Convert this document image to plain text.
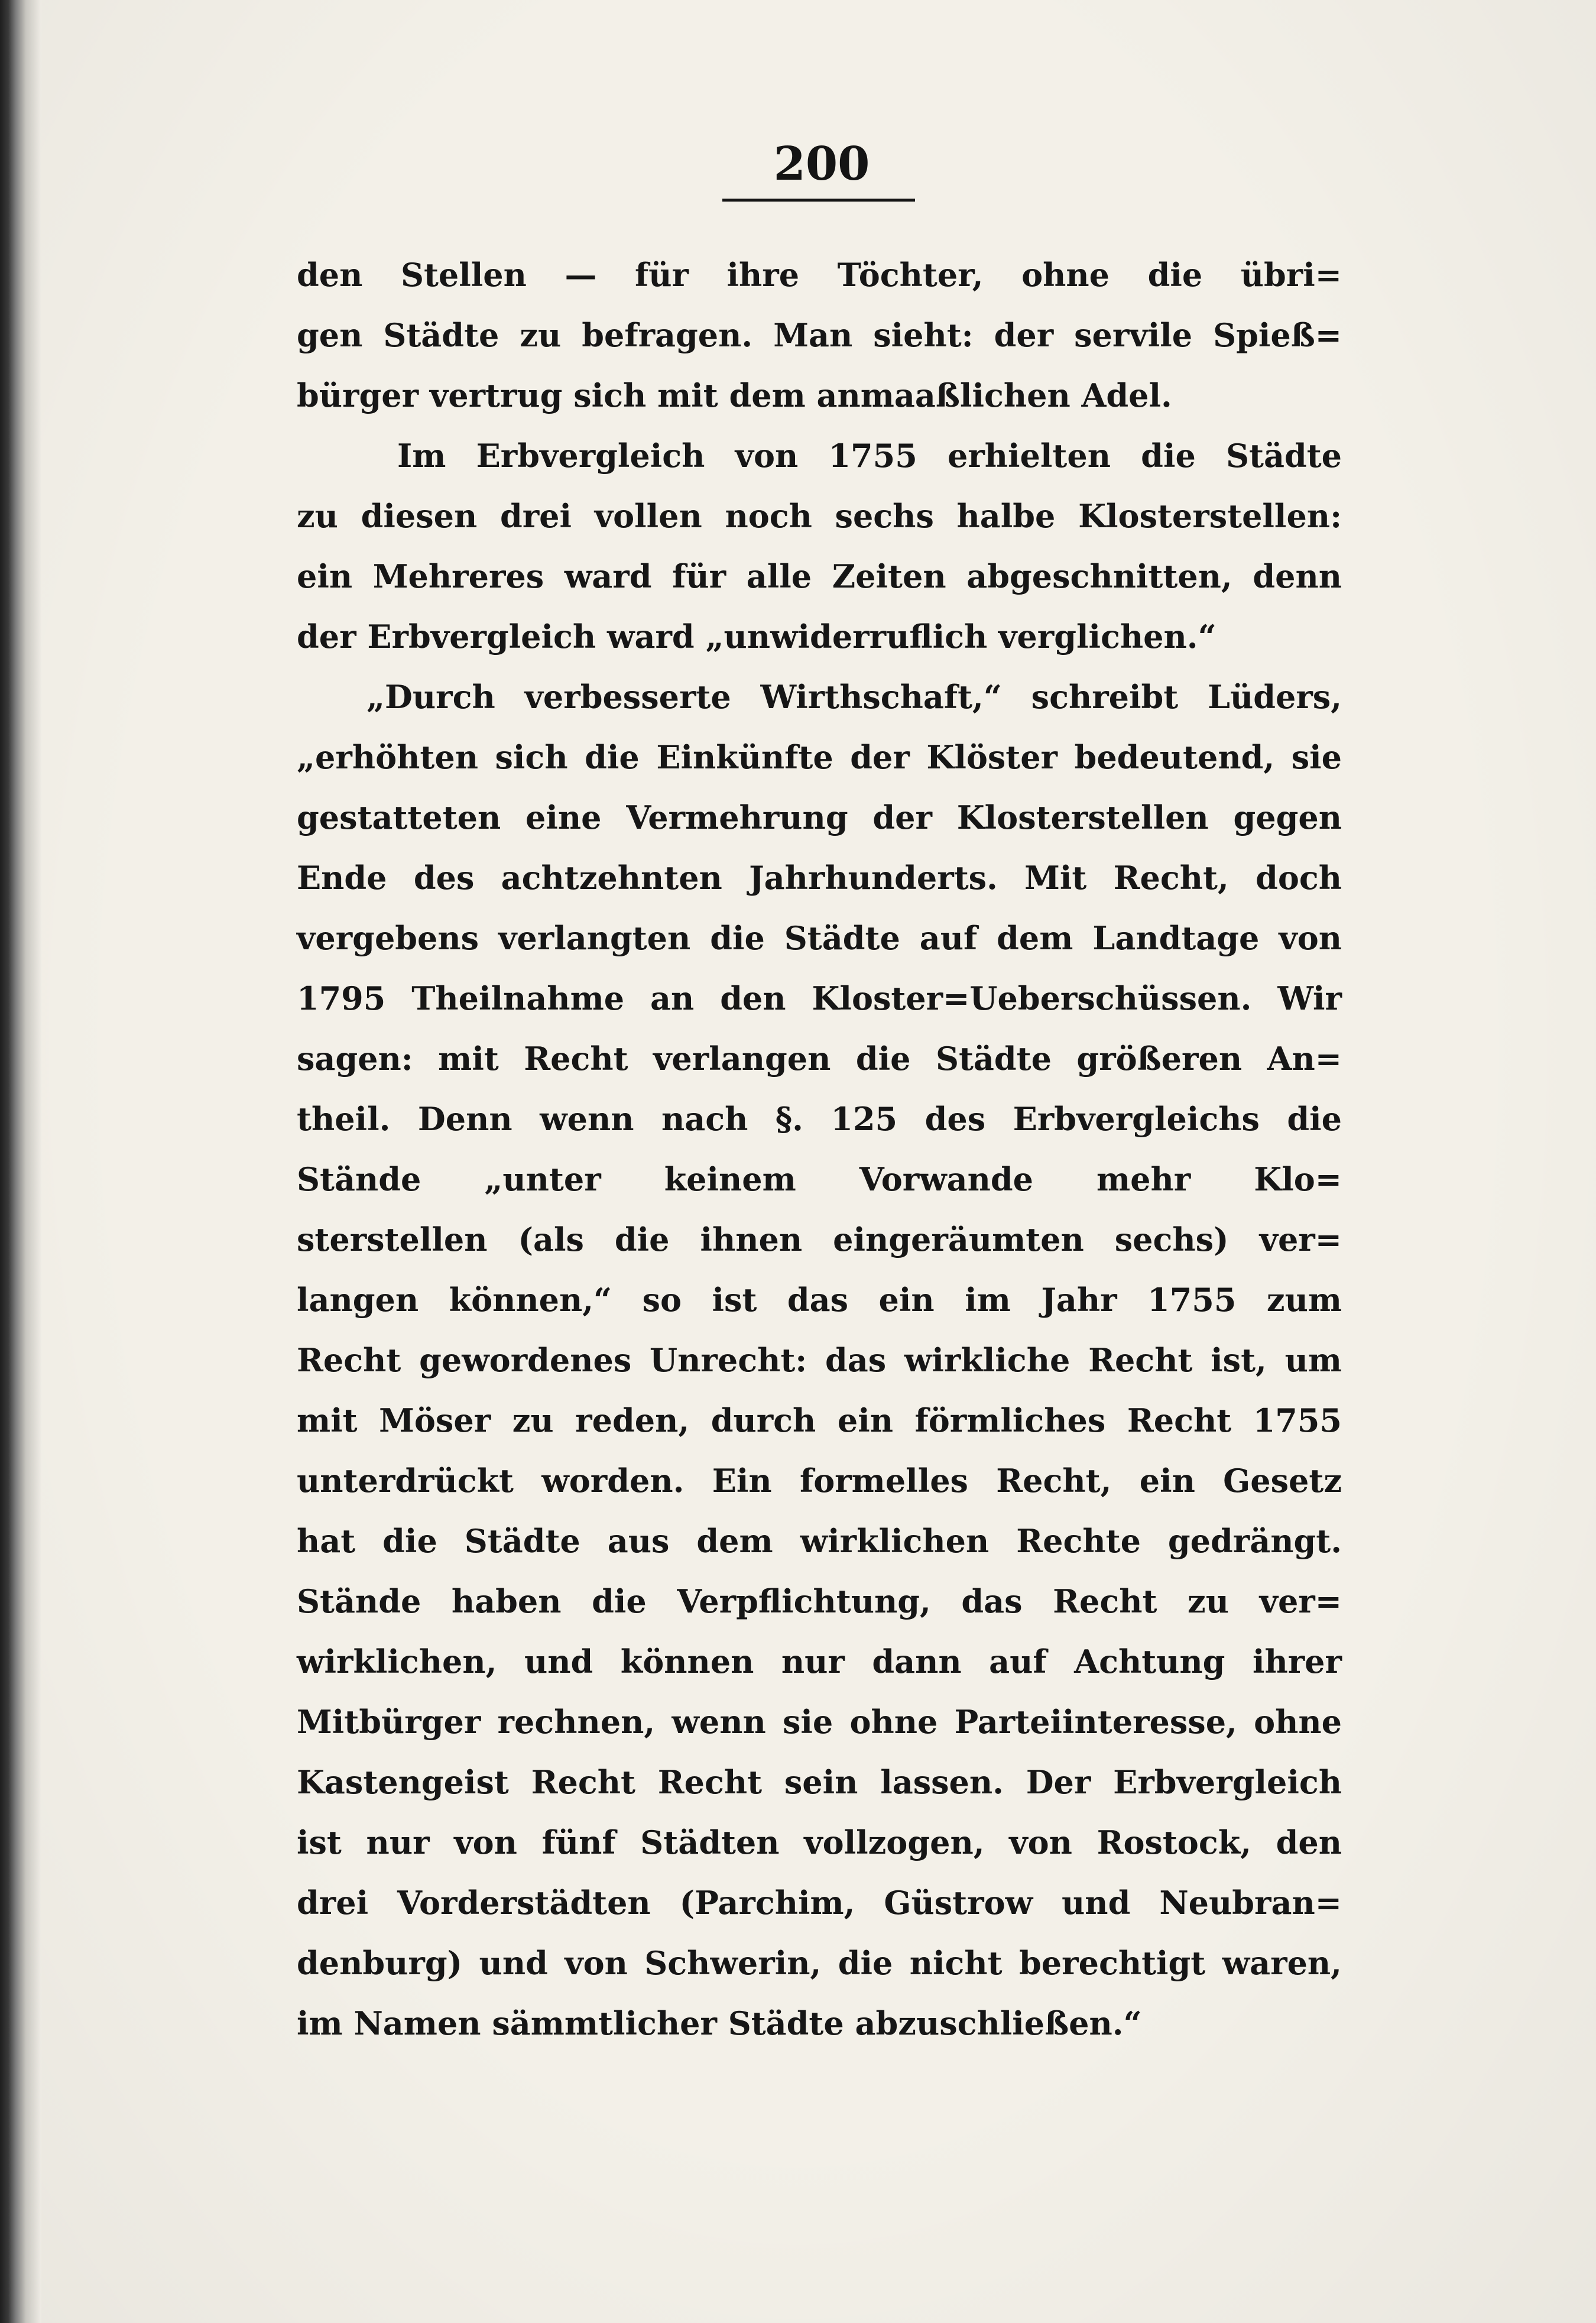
200
den Stellen — für ihre Töchter, ohne die übri=
gen Städte zu befragen. Man sieht: der servile Spieß=
bürger vertrug sich mit dem anmaaßlichen Adel.
Im Erbvergleich von 1755 erhielten die Städte
zu diesen drei vollen noch sechs halbe Klosterstellen:
ein Mehreres ward für alle Zeiten abgeschnitten, denn
der Erbvergleich ward „unwiderruflich verglichen.“
„Durch verbesserte Wirthschaft,“ schreibt Lüders,
„erhöhten sich die Einkünfte der Klöster bedeutend, sie
gestatteten eine Vermehrung der Klosterstellen gegen
Ende des achtzehnten Jahrhunderts. Mit Recht, doch
vergebens verlangten die Städte auf dem Landtage von
1795 Theilnahme an den Kloster=Ueberschüssen. Wir
sagen: mit Recht verlangen die Städte größeren An=
theil. Denn wenn nach §. 125 des Erbvergleichs die
Stände „unter keinem Vorwande mehr Klo=
sterstellen (als die ihnen eingeräumten sechs) ver=
langen können,“ so ist das ein im Jahr 1755 zum
Recht gewordenes Unrecht: das wirkliche Recht ist, um
mit Möser zu reden, durch ein förmliches Recht 1755
unterdrückt worden. Ein formelles Recht, ein Gesetz
hat die Städte aus dem wirklichen Rechte gedrängt.
Stände haben die Verpflichtung, das Recht zu ver=
wirklichen, und können nur dann auf Achtung ihrer
Mitbürger rechnen, wenn sie ohne Parteiinteresse, ohne
Kastengeist Recht Recht sein lassen. Der Erbvergleich
ist nur von fünf Städten vollzogen, von Rostock, den
drei Vorderstädten (Parchim, Güstrow und Neubran=
denburg) und von Schwerin, die nicht berechtigt waren,
im Namen sämmtlicher Städte abzuschließen.“
